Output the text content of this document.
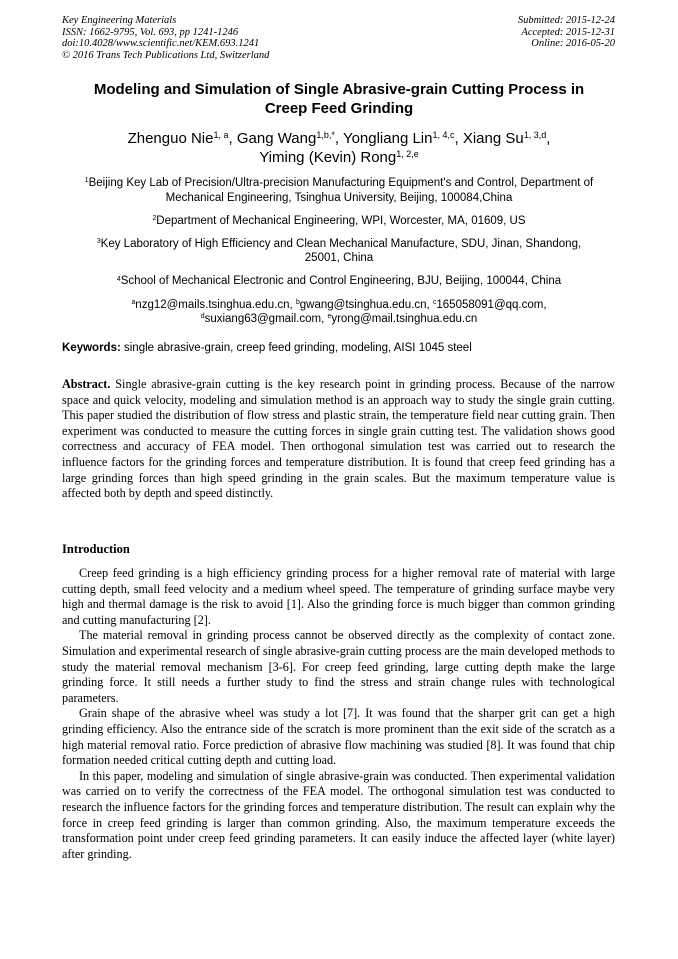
Key Engineering Materials
ISSN: 1662-9795, Vol. 693, pp 1241-1246
doi:10.4028/www.scientific.net/KEM.693.1241
© 2016 Trans Tech Publications Ltd, Switzerland
Submitted: 2015-12-24
Accepted: 2015-12-31
Online: 2016-05-20
Modeling and Simulation of Single Abrasive-grain Cutting Process in
Creep Feed Grinding
Zhenguo Nie$^{1, a}$, Gang Wang$^{1,b,*}$, Yongliang Lin$^{1, 4,c}$, Xiang Su$^{1, 3,d}$,
Yiming (Kevin) Rong$^{1, 2,e}$
$^1$Beijing Key Lab of Precision/Ultra-precision Manufacturing Equipment's and Control, Department of
Mechanical Engineering, Tsinghua University, Beijing, 100084,China
$^2$Department of Mechanical Engineering, WPI, Worcester, MA, 01609, US
$^3$Key Laboratory of High Efficiency and Clean Mechanical Manufacture, SDU, Jinan, Shandong,
25001, China
$^4$School of Mechanical Electronic and Control Engineering, BJU, Beijing, 100044, China
$^a$nzg12@mails.tsinghua.edu.cn, $^b$gwang@tsinghua.edu.cn, $^c$165058091@qq.com,
$^d$suxiang63@gmail.com, $^e$yrong@mail.tsinghua.edu.cn
Keywords: single abrasive-grain, creep feed grinding, modeling, AISI 1045 steel
Abstract. Single abrasive-grain cutting is the key research point in grinding process. Because of the narrow space and quick velocity, modeling and simulation method is an approach way to study the single grain cutting. This paper studied the distribution of flow stress and plastic strain, the temperature field near cutting grain. Then experiment was conducted to measure the cutting forces in single grain cutting test. The validation shows good correctness and accuracy of FEA model. Then orthogonal simulation test was carried out to research the influence factors for the grinding forces and temperature distribution. It is found that creep feed grinding has a large grinding forces than high speed grinding in the grain scales. But the maximum temperature value is affected both by depth and speed distinctly.
Introduction

Creep feed grinding is a high efficiency grinding process for a higher removal rate of material with large cutting depth, small feed velocity and a medium wheel speed. The temperature of grinding surface maybe very high and thermal damage is the risk to avoid [1]. Also the grinding force is much bigger than common grinding and cutting manufacturing [2].

The material removal in grinding process cannot be observed directly as the complexity of contact zone. Simulation and experimental research of single abrasive-grain cutting process are the main developed methods to study the material removal mechanism [3-6]. For creep feed grinding, large cutting depth make the large grinding force. It still needs a further study to find the stress and strain change rules with technological parameters.

Grain shape of the abrasive wheel was study a lot [7]. It was found that the sharper grit can get a high grinding efficiency. Also the entrance side of the scratch is more prominent than the exit side of the scratch as a high material removal ratio. Force prediction of abrasive flow machining was studied [8]. It was found that chip formation needed critical cutting depth and cutting load.

In this paper, modeling and simulation of single abrasive-grain was conducted. Then experimental validation was carried on to verify the correctness of the FEA model. The orthogonal simulation test was conducted to research the influence factors for the grinding forces and temperature distribution. The result can explain why the force in creep feed grinding is larger than common grinding. Also, the maximum temperature exceeds the transformation point under creep feed grinding parameters. It can easily induce the affected layer (white layer) after grinding.
